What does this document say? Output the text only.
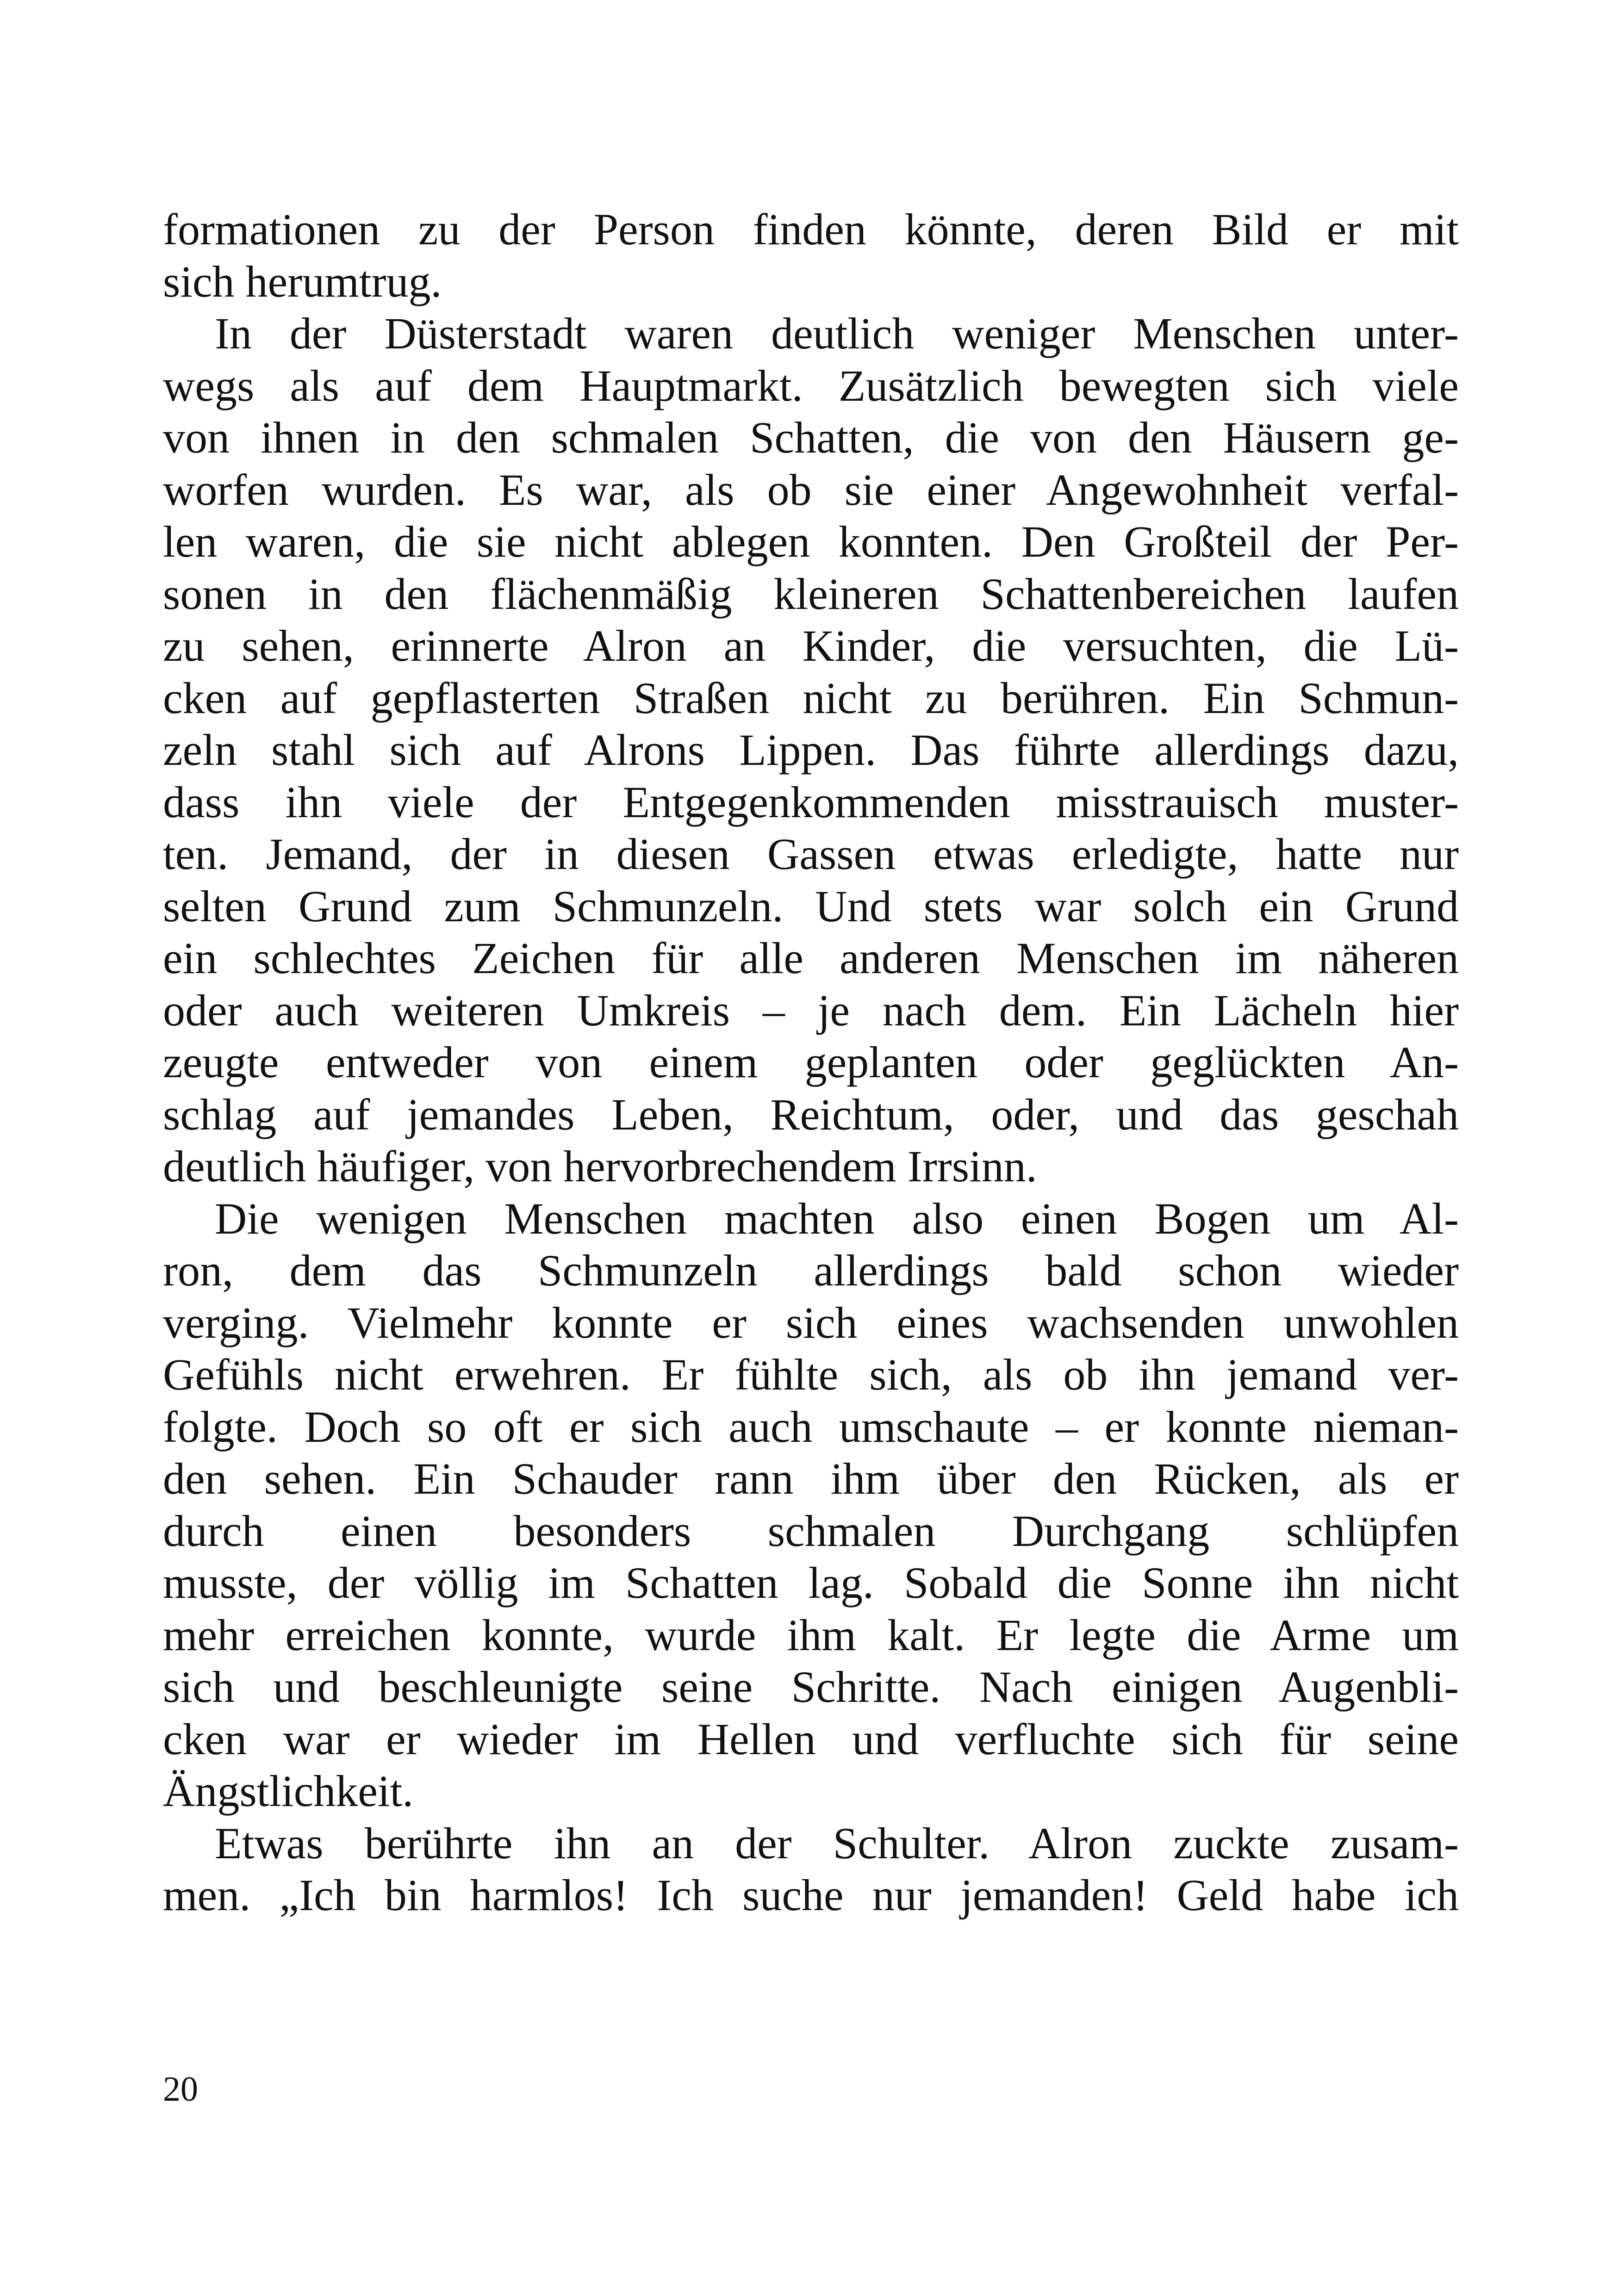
formationen zu der Person finden könnte, deren Bild er mit
sich herumtrug.
In der Düsterstadt waren deutlich weniger Menschen unter-
wegs als auf dem Hauptmarkt. Zusätzlich bewegten sich viele
von ihnen in den schmalen Schatten, die von den Häusern ge-
worfen wurden. Es war, als ob sie einer Angewohnheit verfal-
len waren, die sie nicht ablegen konnten. Den Großteil der Per-
sonen in den flächenmäßig kleineren Schattenbereichen laufen
zu sehen, erinnerte Alron an Kinder, die versuchten, die Lü-
cken auf gepflasterten Straßen nicht zu berühren. Ein Schmun-
zeln stahl sich auf Alrons Lippen. Das führte allerdings dazu,
dass ihn viele der Entgegenkommenden misstrauisch muster-
ten. Jemand, der in diesen Gassen etwas erledigte, hatte nur
selten Grund zum Schmunzeln. Und stets war solch ein Grund
ein schlechtes Zeichen für alle anderen Menschen im näheren
oder auch weiteren Umkreis – je nach dem. Ein Lächeln hier
zeugte entweder von einem geplanten oder geglückten An-
schlag auf jemandes Leben, Reichtum, oder, und das geschah
deutlich häufiger, von hervorbrechendem Irrsinn.
Die wenigen Menschen machten also einen Bogen um Al-
ron, dem das Schmunzeln allerdings bald schon wieder
verging. Vielmehr konnte er sich eines wachsenden unwohlen
Gefühls nicht erwehren. Er fühlte sich, als ob ihn jemand ver-
folgte. Doch so oft er sich auch umschaute – er konnte nieman-
den sehen. Ein Schauder rann ihm über den Rücken, als er
durch einen besonders schmalen Durchgang schlüpfen
musste, der völlig im Schatten lag. Sobald die Sonne ihn nicht
mehr erreichen konnte, wurde ihm kalt. Er legte die Arme um
sich und beschleunigte seine Schritte. Nach einigen Augenbli-
cken war er wieder im Hellen und verfluchte sich für seine
Ängstlichkeit.
Etwas berührte ihn an der Schulter. Alron zuckte zusam-
men. „Ich bin harmlos! Ich suche nur jemanden! Geld habe ich
20
